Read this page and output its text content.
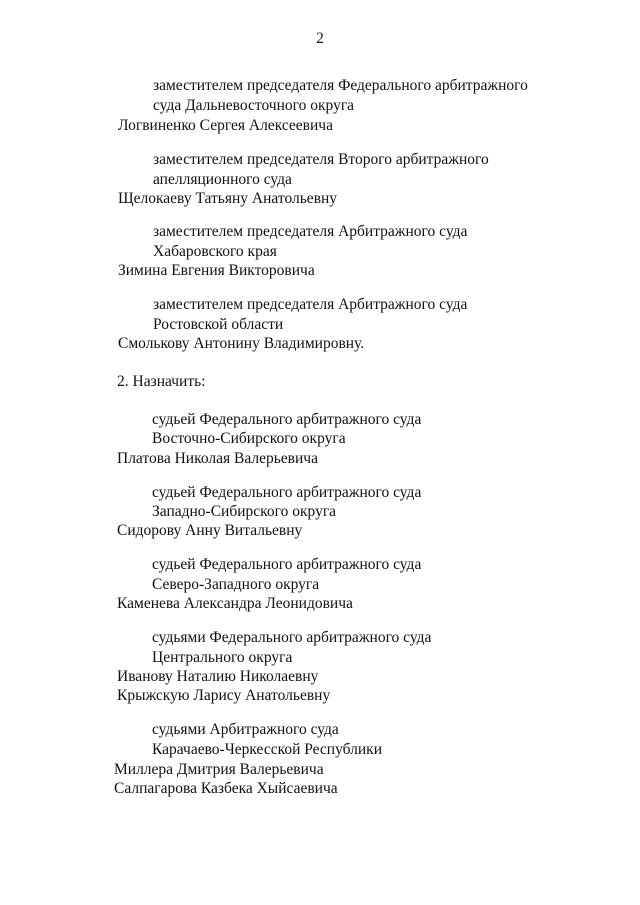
2
заместителем председателя Федерального арбитражного
суда Дальневосточного округа
Логвиненко Сергея Алексеевича
заместителем председателя Второго арбитражного
апелляционного суда
Щелокаеву Татьяну Анатольевну
заместителем председателя Арбитражного суда
Хабаровского края
Зимина Евгения Викторовича
заместителем председателя Арбитражного суда
Ростовской области
Смолькову Антонину Владимировну.
2. Назначить:
судьей Федерального арбитражного суда
Восточно-Сибирского округа
Платова Николая Валерьевича
судьей Федерального арбитражного суда
Западно-Сибирского округа
Сидорову Анну Витальевну
судьей Федерального арбитражного суда
Северо-Западного округа
Каменева Александра Леонидовича
судьями Федерального арбитражного суда
Центрального округа
Иванову Наталию Николаевну
Крыжскую Ларису Анатольевну
судьями Арбитражного суда
Карачаево-Черкесской Республики
Миллера Дмитрия Валерьевича
Салпагарова Казбека Хыйсаевича
